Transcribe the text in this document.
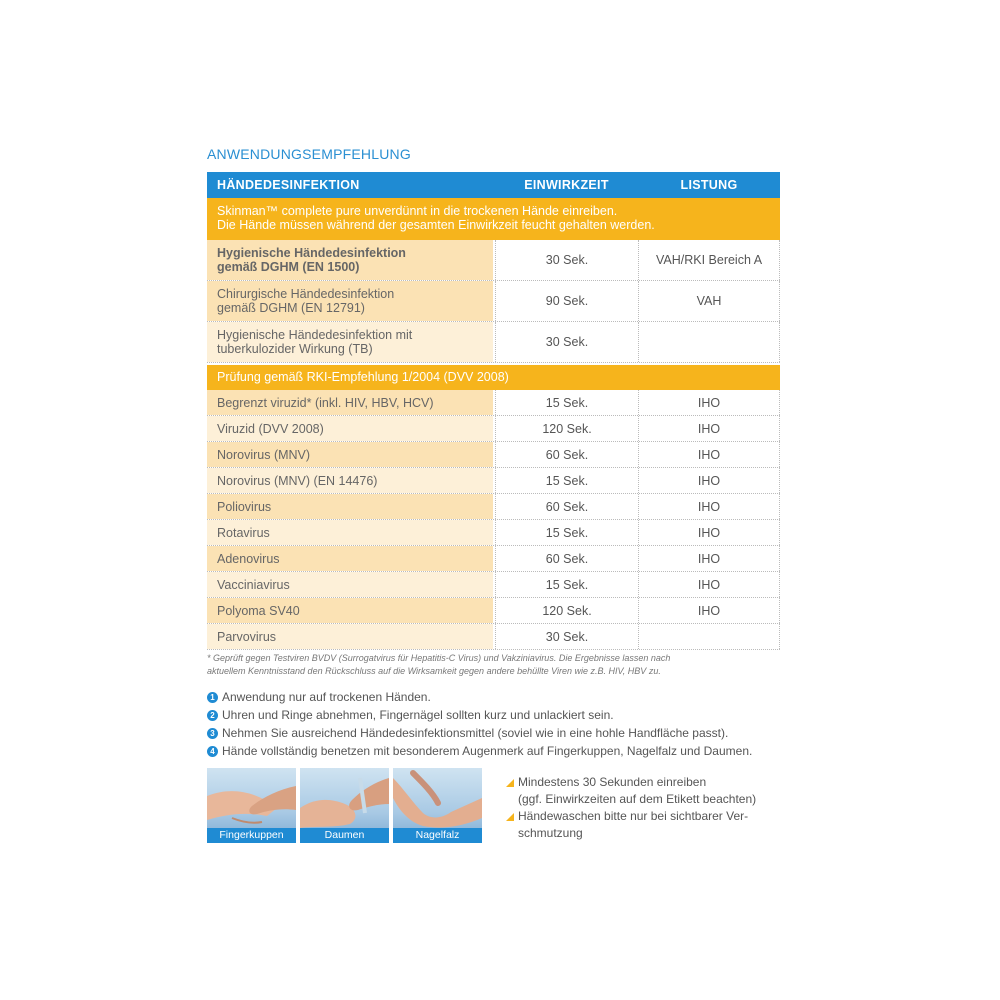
ANWENDUNGSEMPFEHLUNG
HÄNDEDESINFEKTION	EINWIRKZEIT	LISTUNG
Skinman™ complete pure unverdünnt in die trockenen Hände einreiben.
Die Hände müssen während der gesamten Einwirkzeit feucht gehalten werden.
Hygienische Händedesinfektion
gemäß DGHM (EN 1500)	30 Sek.	VAH/RKI Bereich A
Chirurgische Händedesinfektion
gemäß DGHM (EN 12791)	90 Sek.	VAH
Hygienische Händedesinfektion mit
tuberkulozider Wirkung (TB)	30 Sek.
Prüfung gemäß RKI-Empfehlung 1/2004 (DVV 2008)
Begrenzt viruzid* (inkl. HIV, HBV, HCV)	15 Sek.	IHO
Viruzid (DVV 2008)	120 Sek.	IHO
Norovirus (MNV)	60 Sek.	IHO
Norovirus (MNV) (EN 14476)	15 Sek.	IHO
Poliovirus	60 Sek.	IHO
Rotavirus	15 Sek.	IHO
Adenovirus	60 Sek.	IHO
Vacciniavirus	15 Sek.	IHO
Polyoma SV40	120 Sek.	IHO
Parvovirus	30 Sek.
* Geprüft gegen Testviren BVDV (Surrogatvirus für Hepatitis-C Virus) und Vakziniavirus. Die Ergebnisse lassen nach
aktuellem Kenntnisstand den Rückschluss auf die Wirksamkeit gegen andere behüllte Viren wie z.B. HIV, HBV zu.
1 Anwendung nur auf trockenen Händen.
2 Uhren und Ringe abnehmen, Fingernägel sollten kurz und unlackiert sein.
3 Nehmen Sie ausreichend Händedesinfektionsmittel (soviel wie in eine hohle Handfläche passt).
4 Hände vollständig benetzen mit besonderem Augenmerk auf Fingerkuppen, Nagelfalz und Daumen.
Fingerkuppen	Daumen	Nagelfalz
Mindestens 30 Sekunden einreiben
(ggf. Einwirkzeiten auf dem Etikett beachten)
Händewaschen bitte nur bei sichtbarer Ver-
schmutzung
